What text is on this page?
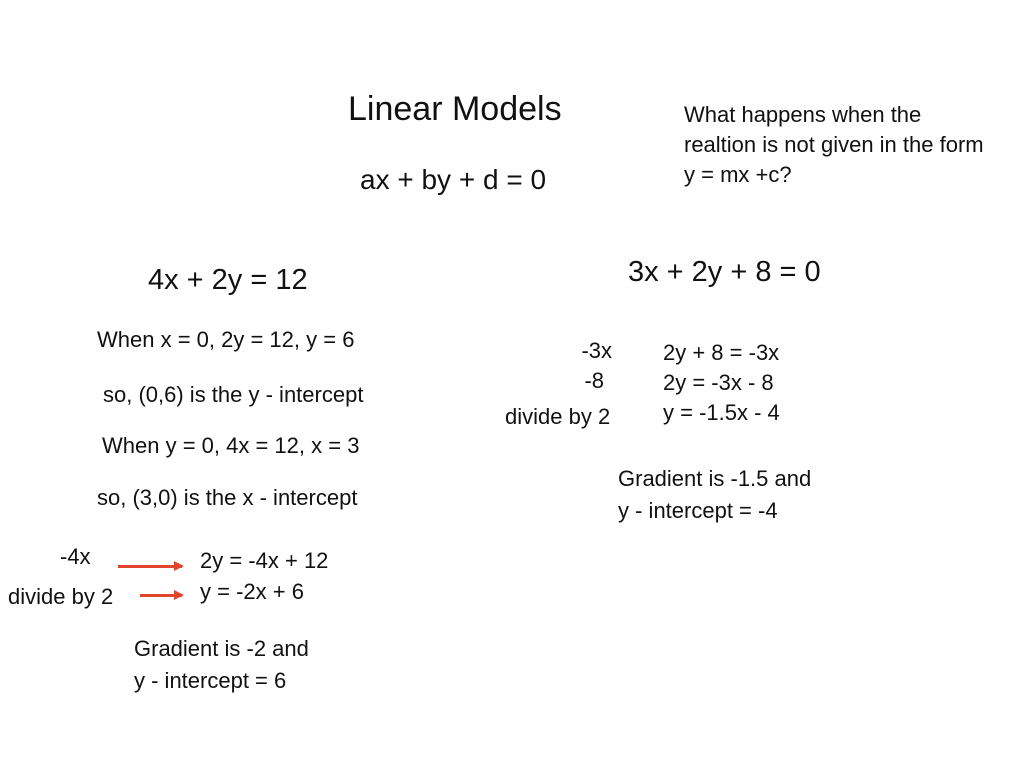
Linear Models
ax + by + d = 0
What happens when the realtion is not given in the form y = mx +c?
4x + 2y = 12
When x = 0, 2y = 12, y = 6
so, (0,6) is the y - intercept
When y = 0, 4x = 12, x = 3
so, (3,0) is the x - intercept
-4x	2y = -4x + 12
divide by 2	y = -2x + 6
Gradient is -2 and
y - intercept = 6
3x + 2y + 8 = 0
-3x
-8
divide by 2
2y + 8 = -3x
2y = -3x - 8
y = -1.5x - 4
Gradient is -1.5 and
y - intercept = -4
